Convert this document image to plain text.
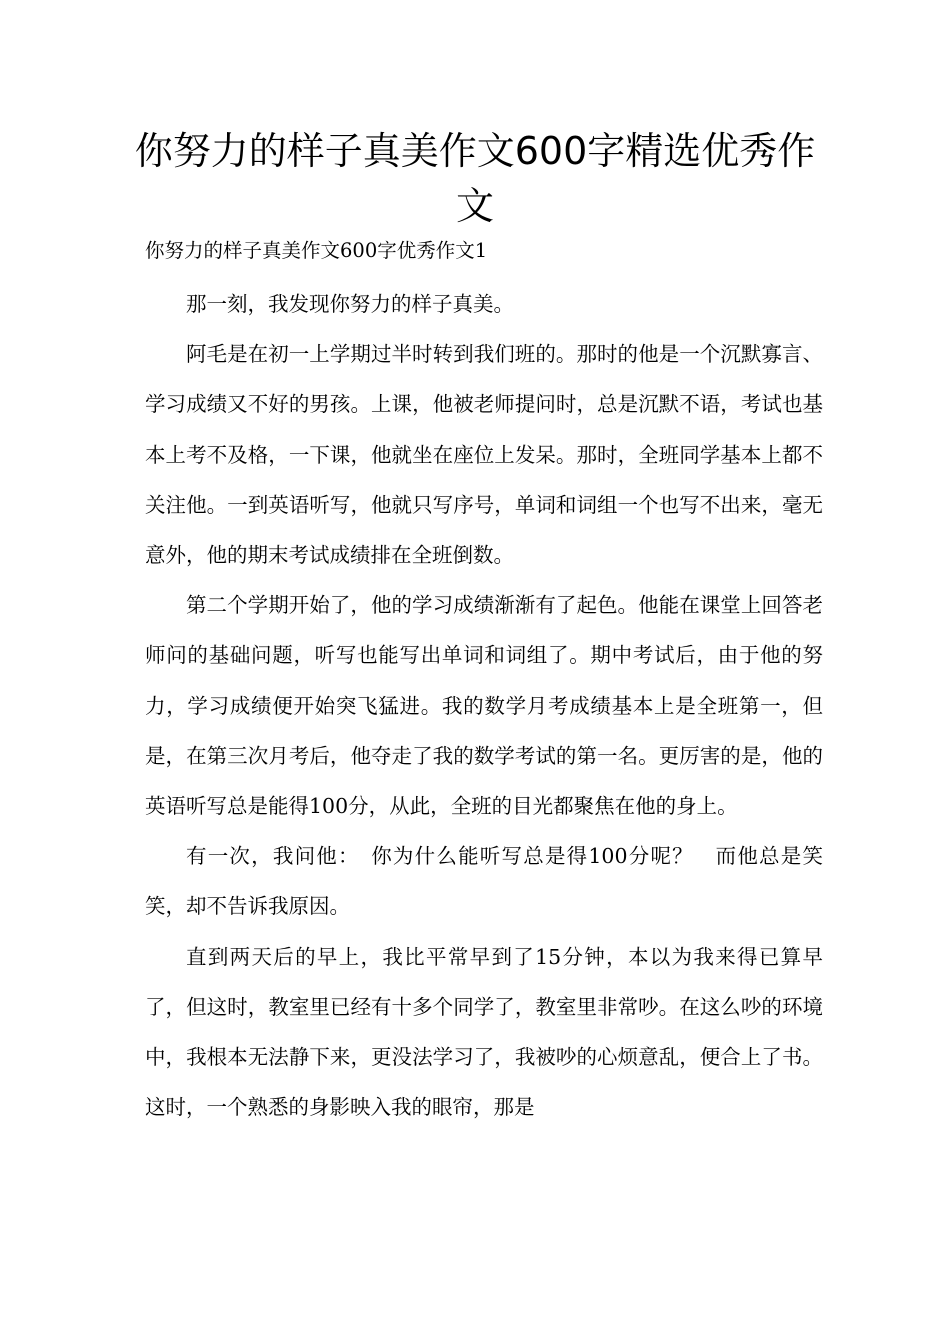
你努力的样子真美作文600字精选优秀作文
你努力的样子真美作文600字优秀作文1

那一刻，我发现你努力的样子真美。

阿毛是在初一上学期过半时转到我们班的。那时的他是一个沉默寡言、学习成绩又不好的男孩。上课，他被老师提问时，总是沉默不语，考试也基本上考不及格，一下课，他就坐在座位上发呆。那时，全班同学基本上都不关注他。一到英语听写，他就只写序号，单词和词组一个也写不出来，毫无意外，他的期末考试成绩排在全班倒数。

第二个学期开始了，他的学习成绩渐渐有了起色。他能在课堂上回答老师问的基础问题，听写也能写出单词和词组了。期中考试后，由于他的努力，学习成绩便开始突飞猛进。我的数学月考成绩基本上是全班第一，但是，在第三次月考后，他夺走了我的数学考试的第一名。更厉害的是，他的英语听写总是能得100分，从此，全班的目光都聚焦在他的身上。

有一次，我问他：　你为什么能听写总是得100分呢？　而他总是笑笑，却不告诉我原因。

直到两天后的早上，我比平常早到了15分钟，本以为我来得已算早了，但这时，教室里已经有十多个同学了，教室里非常吵。在这么吵的环境中，我根本无法静下来，更没法学习了，我被吵的心烦意乱，便合上了书。这时，一个熟悉的身影映入我的眼帘，那是
